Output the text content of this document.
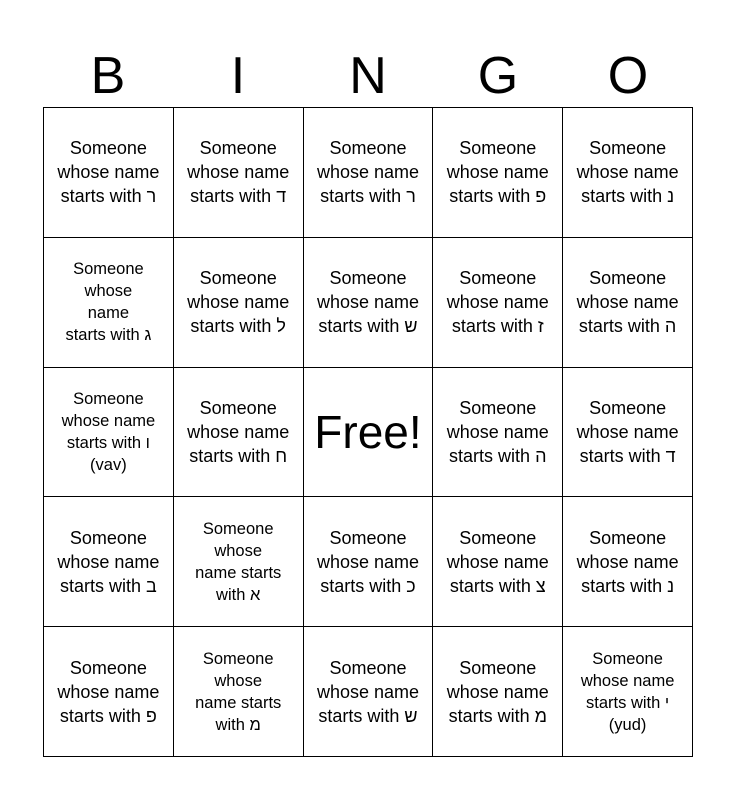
B	I	N	G	O
Someone
whose name
starts with ר	Someone
whose name
starts with ד	Someone
whose name
starts with ר	Someone
whose name
starts with פ	Someone
whose name
starts with נ
Someone
whose
name
starts with ג	Someone
whose name
starts with ל	Someone
whose name
starts with ש	Someone
whose name
starts with ז	Someone
whose name
starts with ה
Someone
whose name
starts with ו
(vav)	Someone
whose name
starts with ח	Free!	Someone
whose name
starts with ה	Someone
whose name
starts with ד
Someone
whose name
starts with ב	Someone
whose
name starts
with א	Someone
whose name
starts with כ	Someone
whose name
starts with צ	Someone
whose name
starts with נ
Someone
whose name
starts with פ	Someone
whose
name starts
with מ	Someone
whose name
starts with ש	Someone
whose name
starts with מ	Someone
whose name
starts with י
(yud)
